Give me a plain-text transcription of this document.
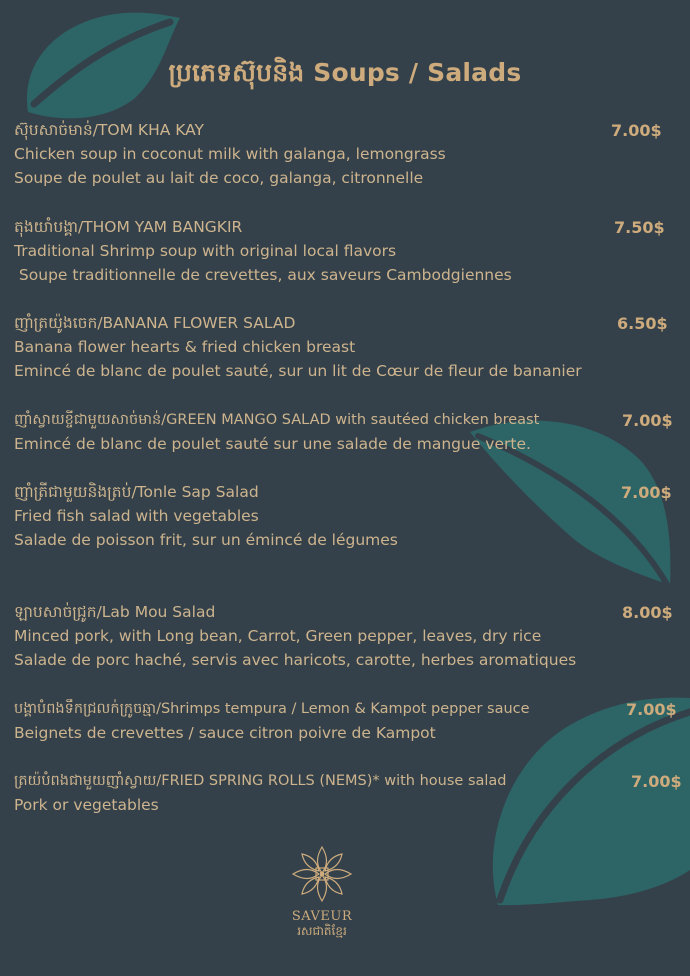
ប្រភេទស៊ុបនិង Soups / Salads
ស៊ុបសាច់មាន់/TOM KHA KAY
Chicken soup in coconut milk with galanga, lemongrass
Soupe de poulet au lait de coco, galanga, citronnelle
7.00$
តុងយាំបង្គា/THOM YAM BANGKIR
Traditional Shrimp soup with original local flavors
Soupe traditionnelle de crevettes, aux saveurs Cambodgiennes
7.50$
ញាំត្រយ៉ូងចេក/BANANA FLOWER SALAD
Banana flower hearts & fried chicken breast
Emincé de blanc de poulet sauté, sur un lit de Cœur de fleur de bananier
6.50$
ញាំស្វាយខ្ចីជាមួយសាច់មាន់/GREEN MANGO SALAD with sautéed chicken breast
Emincé de blanc de poulet sauté sur une salade de mangue verte.
7.00$
ញាំត្រីជាមួយនិងត្រប់/Tonle Sap Salad
Fried fish salad with vegetables
Salade de poisson frit, sur un émincé de légumes
7.00$
ឡាបសាច់ជ្រូក/Lab Mou Salad
Minced pork, with Long bean, Carrot, Green pepper, leaves, dry rice
Salade de porc haché, servis avec haricots, carotte, herbes aromatiques
8.00$
បង្គាបំពងទឹកជ្រលក់ក្រូចឆ្មា/Shrimps tempura / Lemon & Kampot pepper sauce
Beignets de crevettes / sauce citron poivre de Kampot
7.00$
ត្រយ៉បំពងជាមួយញាំស្វាយ/FRIED SPRING ROLLS (NEMS)* with house salad
Pork or vegetables
7.00$
SAVEUR
រសជាតិខ្មែរ
